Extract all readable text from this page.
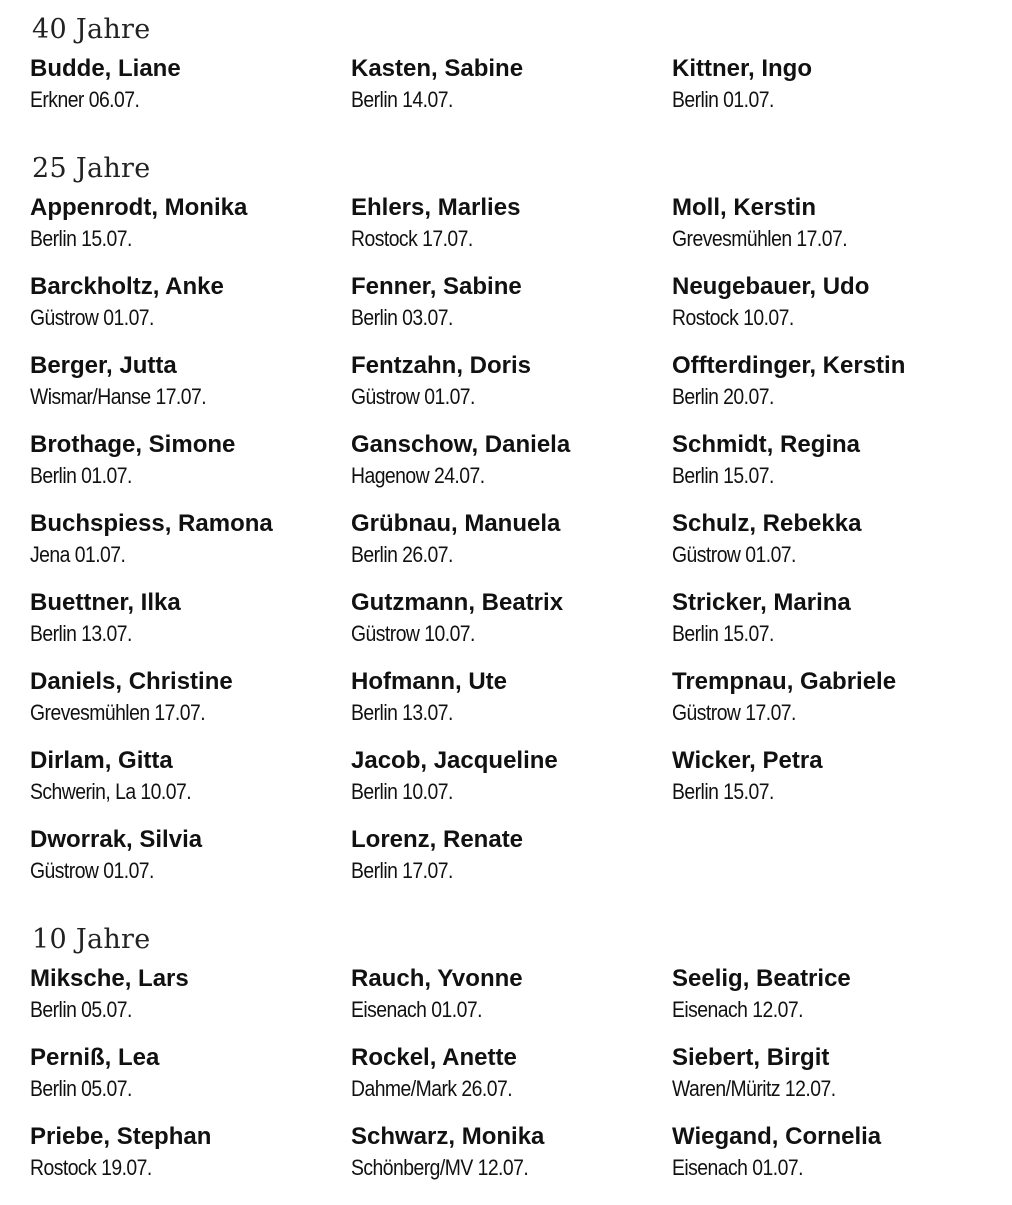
40 Jahre
Budde, Liane
Erkner 06.07.
Kasten, Sabine
Berlin 14.07.
Kittner, Ingo
Berlin 01.07.
25 Jahre
Appenrodt, Monika
Berlin 15.07.
Barckholtz, Anke
Güstrow 01.07.
Berger, Jutta
Wismar/Hanse 17.07.
Brothage, Simone
Berlin 01.07.
Buchspiess, Ramona
Jena 01.07.
Buettner, Ilka
Berlin 13.07.
Daniels, Christine
Grevesmühlen 17.07.
Dirlam, Gitta
Schwerin, La 10.07.
Dworrak, Silvia
Güstrow 01.07.
Ehlers, Marlies
Rostock 17.07.
Fenner, Sabine
Berlin 03.07.
Fentzahn, Doris
Güstrow 01.07.
Ganschow, Daniela
Hagenow 24.07.
Grübnau, Manuela
Berlin 26.07.
Gutzmann, Beatrix
Güstrow 10.07.
Hofmann, Ute
Berlin 13.07.
Jacob, Jacqueline
Berlin 10.07.
Lorenz, Renate
Berlin 17.07.
Moll, Kerstin
Grevesmühlen 17.07.
Neugebauer, Udo
Rostock 10.07.
Offterdinger, Kerstin
Berlin 20.07.
Schmidt, Regina
Berlin 15.07.
Schulz, Rebekka
Güstrow 01.07.
Stricker, Marina
Berlin 15.07.
Trempnau, Gabriele
Güstrow 17.07.
Wicker, Petra
Berlin 15.07.
10 Jahre
Miksche, Lars
Berlin 05.07.
Perniß, Lea
Berlin 05.07.
Priebe, Stephan
Rostock 19.07.
Rauch, Yvonne
Eisenach 01.07.
Rockel, Anette
Dahme/Mark 26.07.
Schwarz, Monika
Schönberg/MV 12.07.
Seelig, Beatrice
Eisenach 12.07.
Siebert, Birgit
Waren/Müritz 12.07.
Wiegand, Cornelia
Eisenach 01.07.
